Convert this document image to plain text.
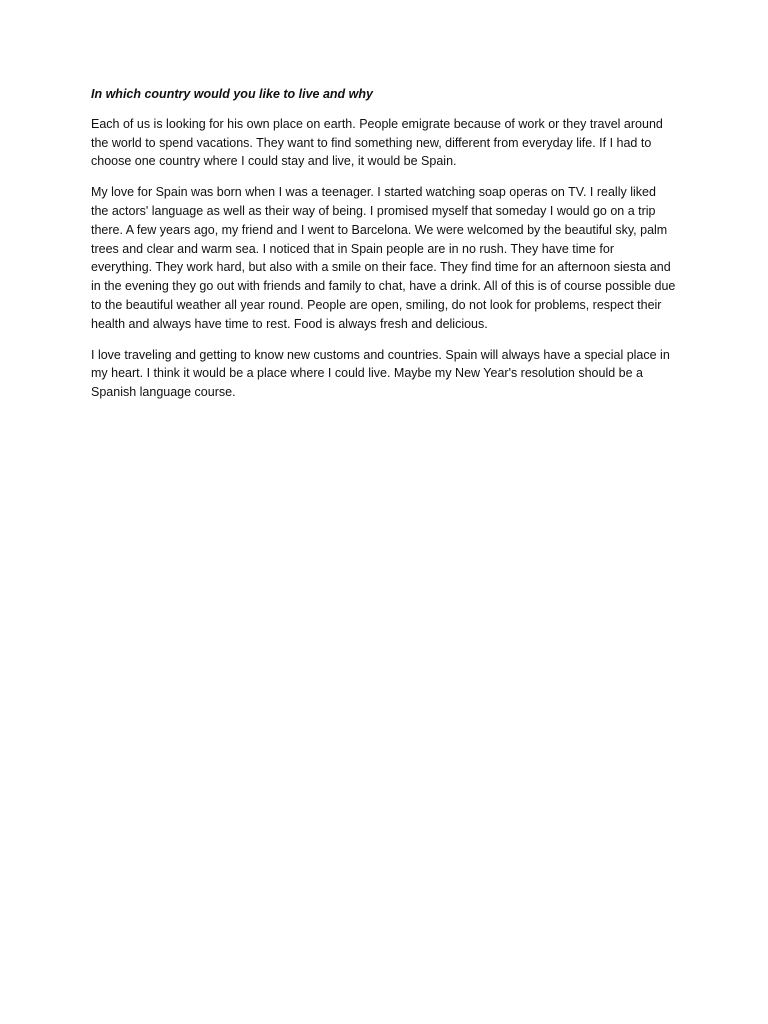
In which country would you like to live and why

Each of us is looking for his own place on earth. People emigrate because of work or they travel around the world to spend vacations. They want to find something new, different from everyday life. If I had to choose one country where I could stay and live, it would be Spain.

My love for Spain was born when I was a teenager. I started watching soap operas on TV. I really liked the actors' language as well as their way of being. I promised myself that someday I would go on a trip there. A few years ago, my friend and I went to Barcelona. We were welcomed by the beautiful sky, palm trees and clear and warm sea. I noticed that in Spain people are in no rush. They have time for everything. They work hard, but also with a smile on their face. They find time for an afternoon siesta and in the evening they go out with friends and family to chat, have a drink. All of this is of course possible due to the beautiful weather all year round. People are open, smiling, do not look for problems, respect their health and always have time to rest. Food is always fresh and delicious.

I love traveling and getting to know new customs and countries. Spain will always have a special place in my heart. I think it would be a place where I could live. Maybe my New Year's resolution should be a Spanish language course.
